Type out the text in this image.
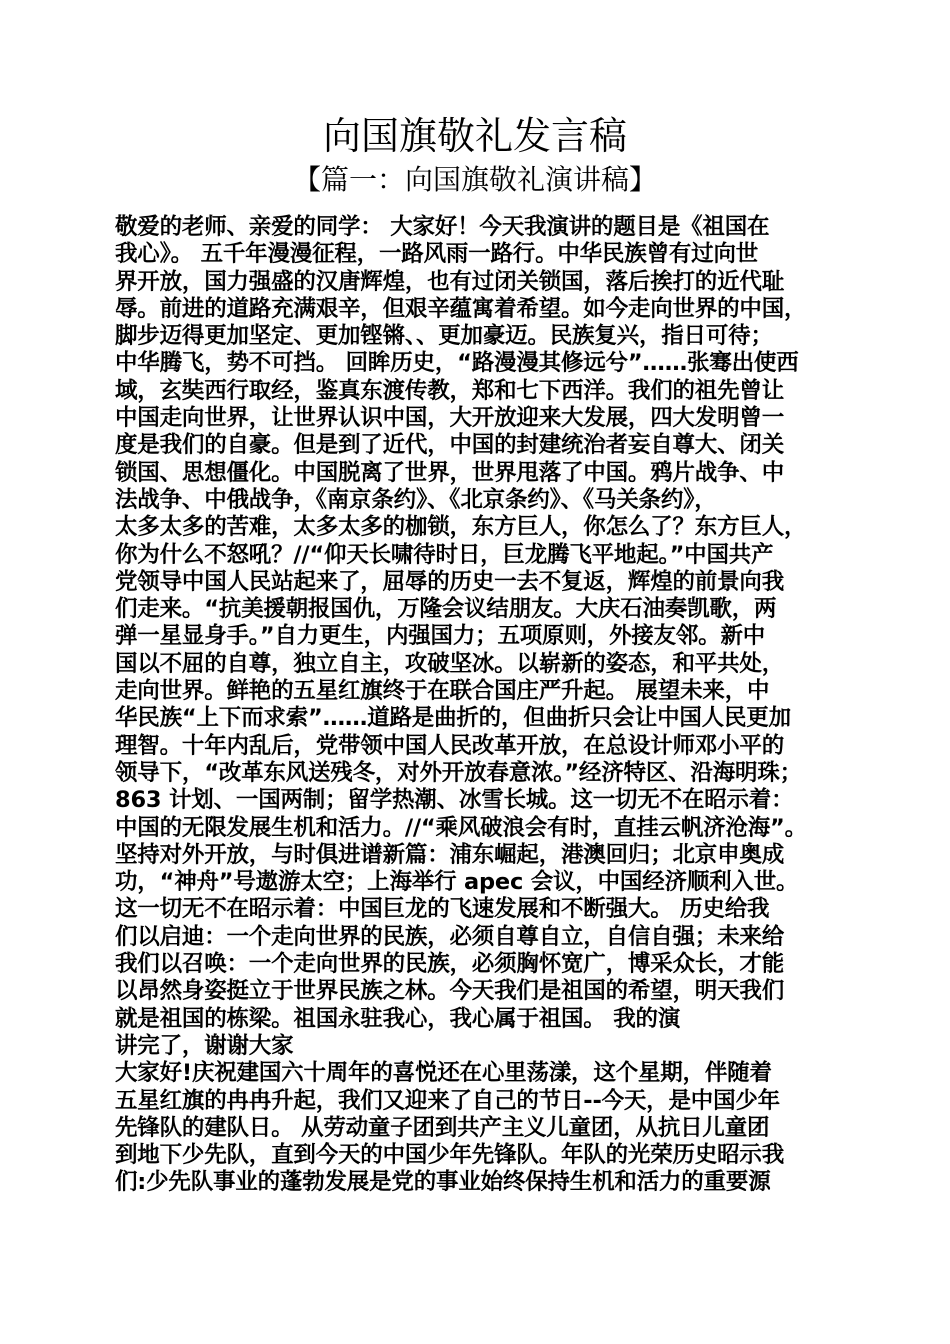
向国旗敬礼发言稿
【篇一：向国旗敬礼演讲稿】
敬爱的老师、亲爱的同学： 大家好！今天我演讲的题目是《祖国在
我心》。 五千年漫漫征程，一路风雨一路行。中华民族曾有过向世
界开放，国力强盛的汉唐辉煌，也有过闭关锁国，落后挨打的近代耻
辱。前进的道路充满艰辛，但艰辛蕴寓着希望。如今走向世界的中国，
脚步迈得更加坚定、更加铿锵、、更加豪迈。民族复兴，指日可待；
中华腾飞，势不可挡。 回眸历史，“路漫漫其修远兮”……张骞出使西
域，玄奘西行取经，鉴真东渡传教，郑和七下西洋。我们的祖先曾让
中国走向世界，让世界认识中国，大开放迎来大发展，四大发明曾一
度是我们的自豪。但是到了近代，中国的封建统治者妄自尊大、闭关
锁国、思想僵化。中国脱离了世界，世界甩落了中国。鸦片战争、中
法战争、中俄战争，《南京条约》、《北京条约》、《马关条约》，
太多太多的苦难，太多太多的枷锁，东方巨人，你怎么了？东方巨人，
你为什么不怒吼？//“仰天长啸待时日，巨龙腾飞平地起。”中国共产
党领导中国人民站起来了，屈辱的历史一去不复返，辉煌的前景向我
们走来。“抗美援朝报国仇，万隆会议结朋友。大庆石油奏凯歌，两
弹一星显身手。”自力更生，内强国力；五项原则，外接友邻。新中
国以不屈的自尊，独立自主，攻破坚冰。以崭新的姿态，和平共处，
走向世界。鲜艳的五星红旗终于在联合国庄严升起。 展望未来，中
华民族“上下而求索”……道路是曲折的，但曲折只会让中国人民更加
理智。十年内乱后，党带领中国人民改革开放，在总设计师邓小平的
领导下，“改革东风送残冬，对外开放春意浓。”经济特区、沿海明珠；
863 计划、一国两制；留学热潮、冰雪长城。这一切无不在昭示着：
中国的无限发展生机和活力。//“乘风破浪会有时，直挂云帆济沧海”。
坚持对外开放，与时俱进谱新篇：浦东崛起，港澳回归；北京申奥成
功，“神舟”号遨游太空；上海举行 apec 会议，中国经济顺利入世。
这一切无不在昭示着：中国巨龙的飞速发展和不断强大。 历史给我
们以启迪：一个走向世界的民族，必须自尊自立，自信自强；未来给
我们以召唤：一个走向世界的民族，必须胸怀宽广，博采众长，才能
以昂然身姿挺立于世界民族之林。今天我们是祖国的希望，明天我们
就是祖国的栋梁。祖国永驻我心，我心属于祖国。 我的演
讲完了，谢谢大家
大家好!庆祝建国六十周年的喜悦还在心里荡漾，这个星期，伴随着
五星红旗的冉冉升起，我们又迎来了自己的节日--今天，是中国少年
先锋队的建队日。 从劳动童子团到共产主义儿童团，从抗日儿童团
到地下少先队，直到今天的中国少年先锋队。年队的光荣历史昭示我
们:少先队事业的蓬勃发展是党的事业始终保持生机和活力的重要源
